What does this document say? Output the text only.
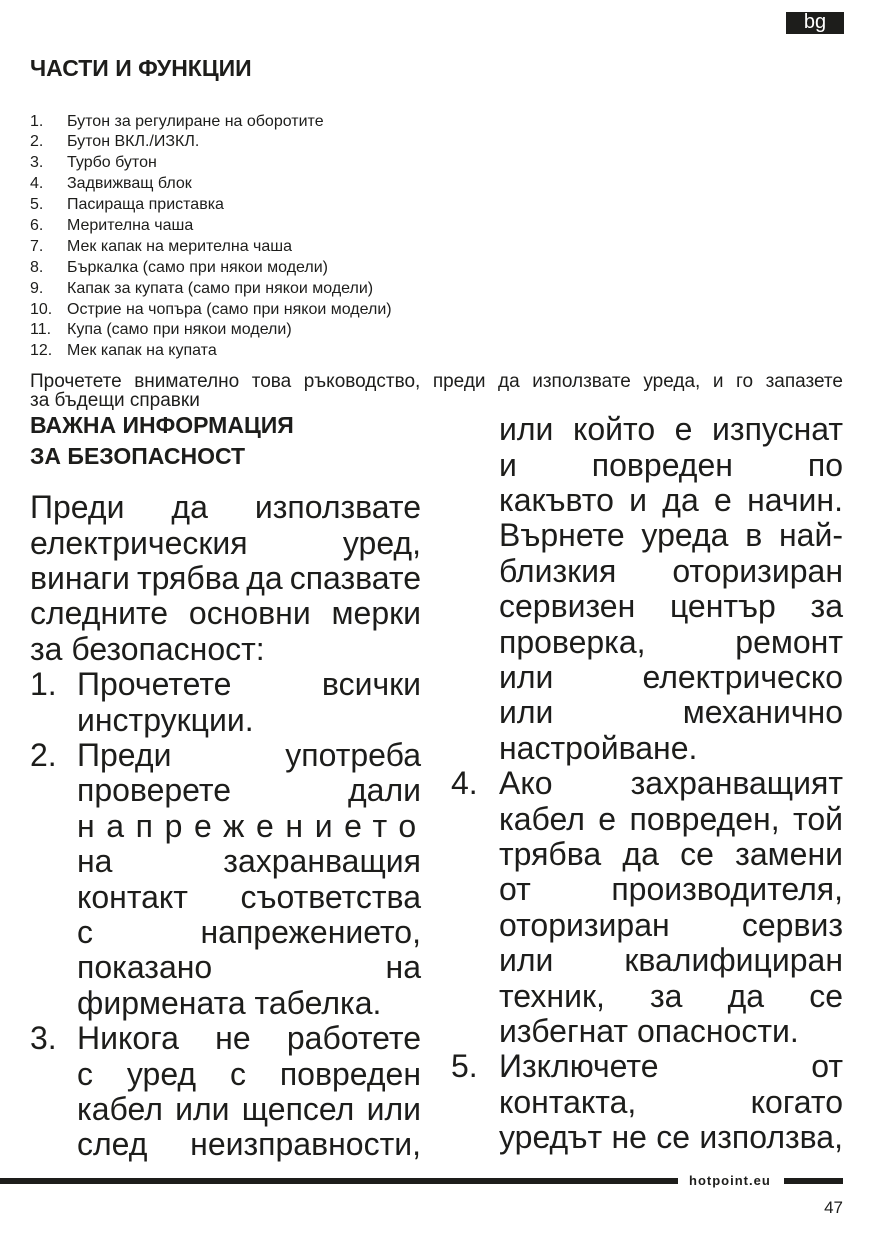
bg
ЧАСТИ И ФУНКЦИИ
1. Бутон за регулиране на оборотите
2. Бутон ВКЛ./ИЗКЛ.
3. Турбо бутон
4. Задвижващ блок
5. Пасираща приставка
6. Мерителна чаша
7. Мек капак на мерителна чаша
8. Бъркалка (само при някои модели)
9. Капак за купата (само при някои модели)
10. Острие на чопъра (само при някои модели)
11. Купа (само при някои модели)
12. Мек капак на купата
Прочетете внимателно това ръководство, преди да използвате уреда, и го запазете
за бъдещи справки
ВАЖНА ИНФОРМАЦИЯ
ЗА БЕЗОПАСНОСТ
Преди да използвате
електрическия уред,
винаги трябва да спазвате
следните основни мерки
за безопасност:
1. Прочетете всички
инструкции.
2. Преди употреба
проверете дали
напрежението
на захранващия
контакт съответства
с напрежението,
показано на
фирмената табелка.
3. Никога не работете
с уред с повреден
кабел или щепсел или
след неизправности,
или който е изпуснат
и повреден по
какъвто и да е начин.
Върнете уреда в най-
близкия оторизиран
сервизен център за
проверка, ремонт
или електрическо
или механично
настройване.
4. Ако захранващият
кабел е повреден, той
трябва да се замени
от производителя,
оторизиран сервиз
или квалифициран
техник, за да се
избегнат опасности.
5. Изключете от
контакта, когато
уредът не се използва,
hotpoint.eu
47
